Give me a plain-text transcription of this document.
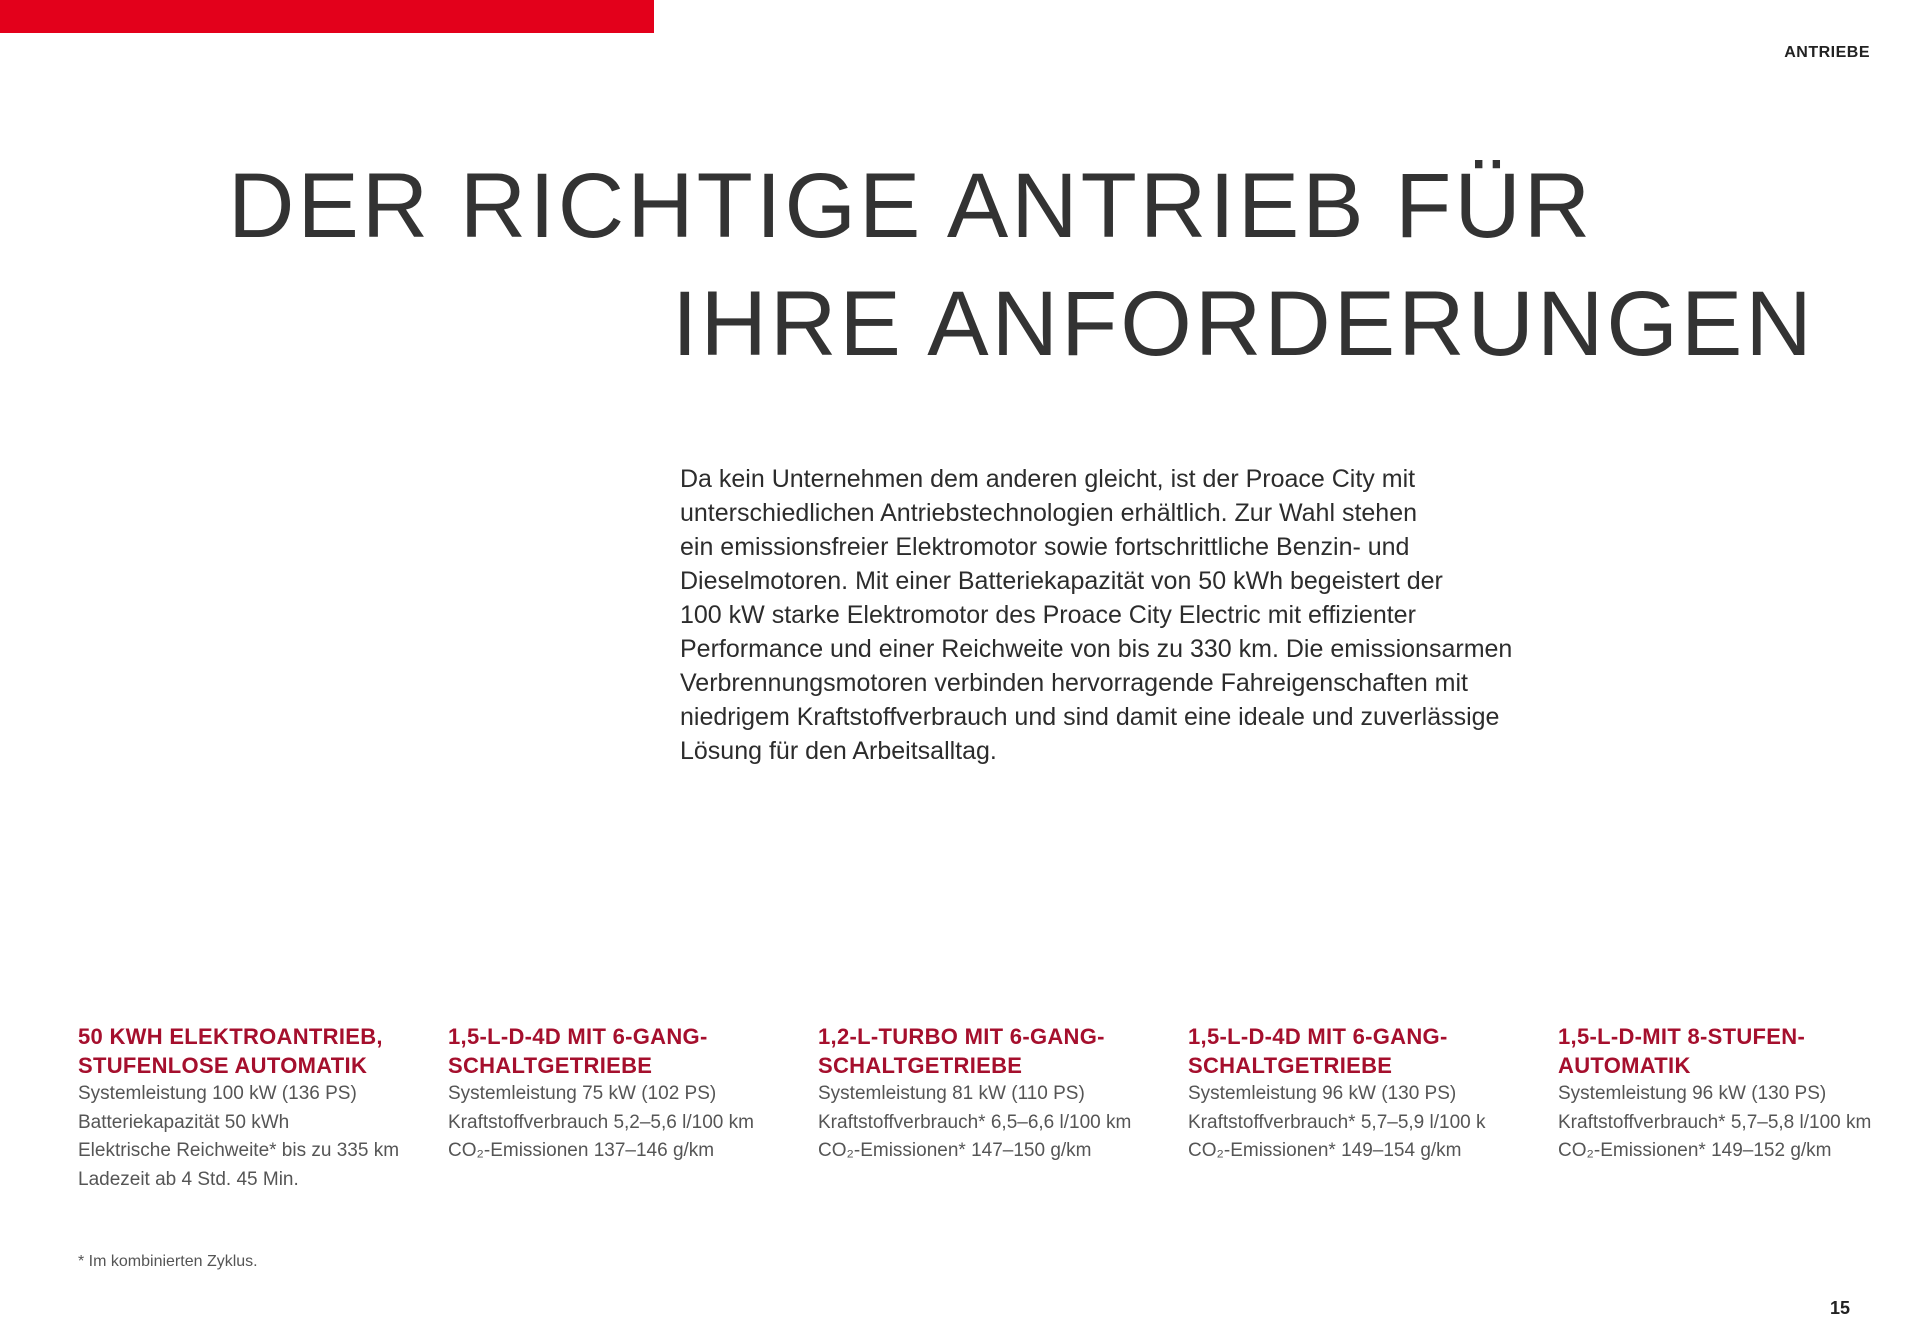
ANTRIEBE
DER RICHTIGE ANTRIEB FÜR
IHRE ANFORDERUNGEN
Da kein Unternehmen dem anderen gleicht, ist der Proace City mit
unterschiedlichen Antriebstechnologien erhältlich. Zur Wahl stehen
ein emissionsfreier Elektromotor sowie fortschrittliche Benzin- und
Dieselmotoren. Mit einer Batteriekapazität von 50 kWh begeistert der
100 kW starke Elektromotor des Proace City Electric mit effizienter
Performance und einer Reichweite von bis zu 330 km. Die emissionsarmen
Verbrennungsmotoren verbinden hervorragende Fahreigenschaften mit
niedrigem Kraftstoffverbrauch und sind damit eine ideale und zuverlässige
Lösung für den Arbeitsalltag.
50 KWH ELEKTROANTRIEB,
STUFENLOSE AUTOMATIK
Systemleistung 100 kW (136 PS)
Batteriekapazität 50 kWh
Elektrische Reichweite* bis zu 335 km
Ladezeit ab 4 Std. 45 Min.
1,5-L-D-4D MIT 6-GANG-
SCHALTGETRIEBE
Systemleistung 75 kW (102 PS)
Kraftstoffverbrauch 5,2–5,6 l/100 km
CO₂-Emissionen 137–146 g/km
1,2-L-TURBO MIT 6-GANG-
SCHALTGETRIEBE
Systemleistung 81 kW (110 PS)
Kraftstoffverbrauch* 6,5–6,6 l/100 km
CO₂-Emissionen* 147–150 g/km
1,5-L-D-4D MIT 6-GANG-
SCHALTGETRIEBE
Systemleistung 96 kW (130 PS)
Kraftstoffverbrauch* 5,7–5,9 l/100 k
CO₂-Emissionen* 149–154 g/km
1,5-L-D-MIT 8-STUFEN-
AUTOMATIK
Systemleistung 96 kW (130 PS)
Kraftstoffverbrauch* 5,7–5,8 l/100 km
CO₂-Emissionen* 149–152 g/km
* Im kombinierten Zyklus.
15
